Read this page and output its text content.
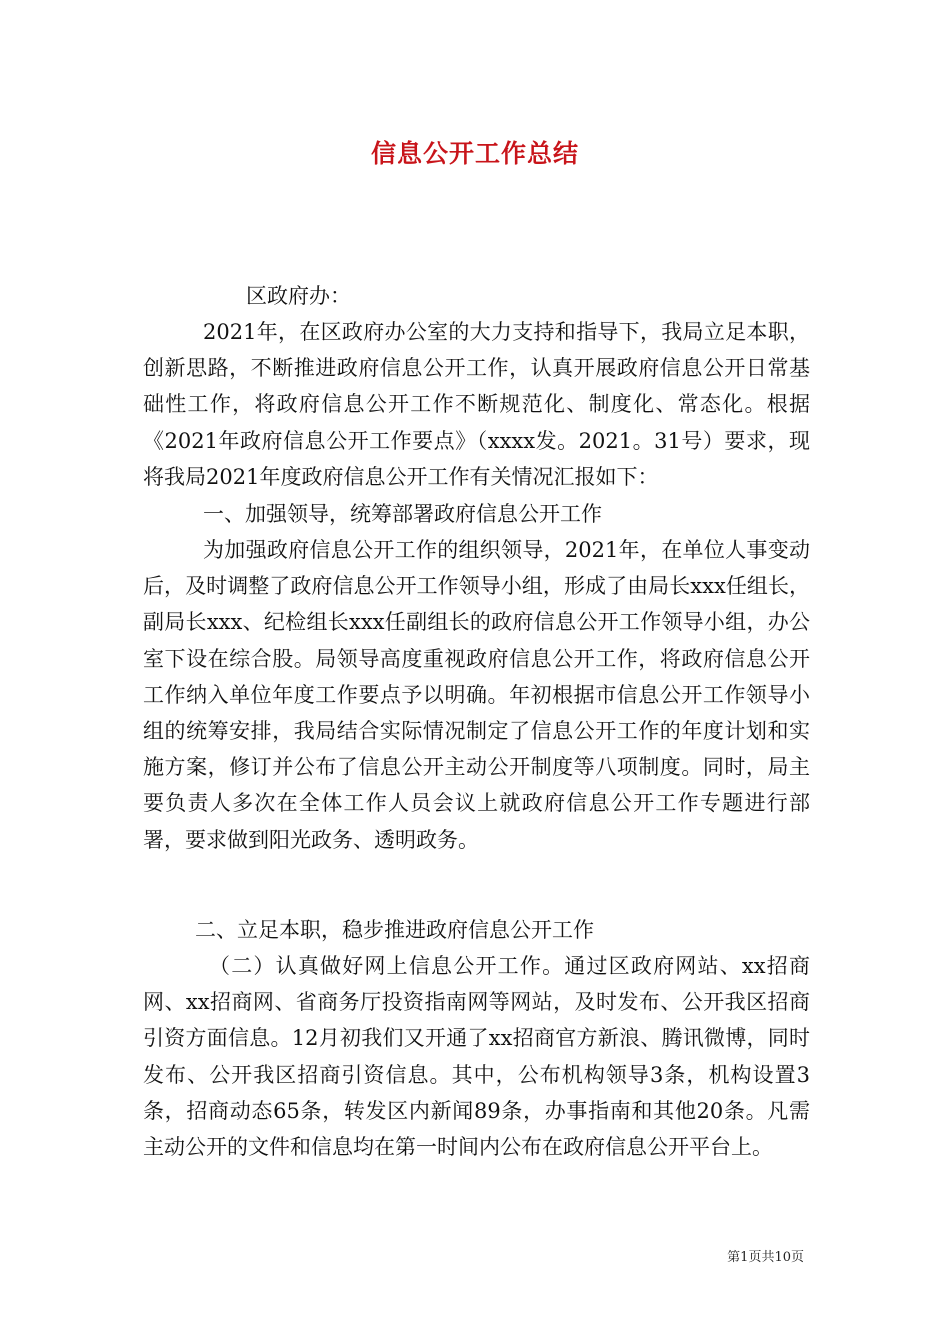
信息公开工作总结

区政府办：

2021年，在区政府办公室的大力支持和指导下，我局立足本职，创新思路，不断推进政府信息公开工作，认真开展政府信息公开日常基础性工作，将政府信息公开工作不断规范化、制度化、常态化。根据《2021年政府信息公开工作要点》（xxxx发。2021。31号）要求，现将我局2021年度政府信息公开工作有关情况汇报如下：

一、加强领导，统筹部署政府信息公开工作

为加强政府信息公开工作的组织领导，2021年，在单位人事变动后，及时调整了政府信息公开工作领导小组，形成了由局长xxx任组长，副局长xxx、纪检组长xxx任副组长的政府信息公开工作领导小组，办公室下设在综合股。局领导高度重视政府信息公开工作，将政府信息公开工作纳入单位年度工作要点予以明确。年初根据市信息公开工作领导小组的统筹安排，我局结合实际情况制定了信息公开工作的年度计划和实施方案，修订并公布了信息公开主动公开制度等八项制度。同时，局主要负责人多次在全体工作人员会议上就政府信息公开工作专题进行部署，要求做到阳光政务、透明政务。

二、立足本职，稳步推进政府信息公开工作

（二）认真做好网上信息公开工作。通过区政府网站、xx招商网、xx招商网、省商务厅投资指南网等网站，及时发布、公开我区招商引资方面信息。12月初我们又开通了xx招商官方新浪、腾讯微博，同时发布、公开我区招商引资信息。其中，公布机构领导3条，机构设置3条，招商动态65条，转发区内新闻89条，办事指南和其他20条。凡需主动公开的文件和信息均在第一时间内公布在政府信息公开平台上。

第1页共10页
